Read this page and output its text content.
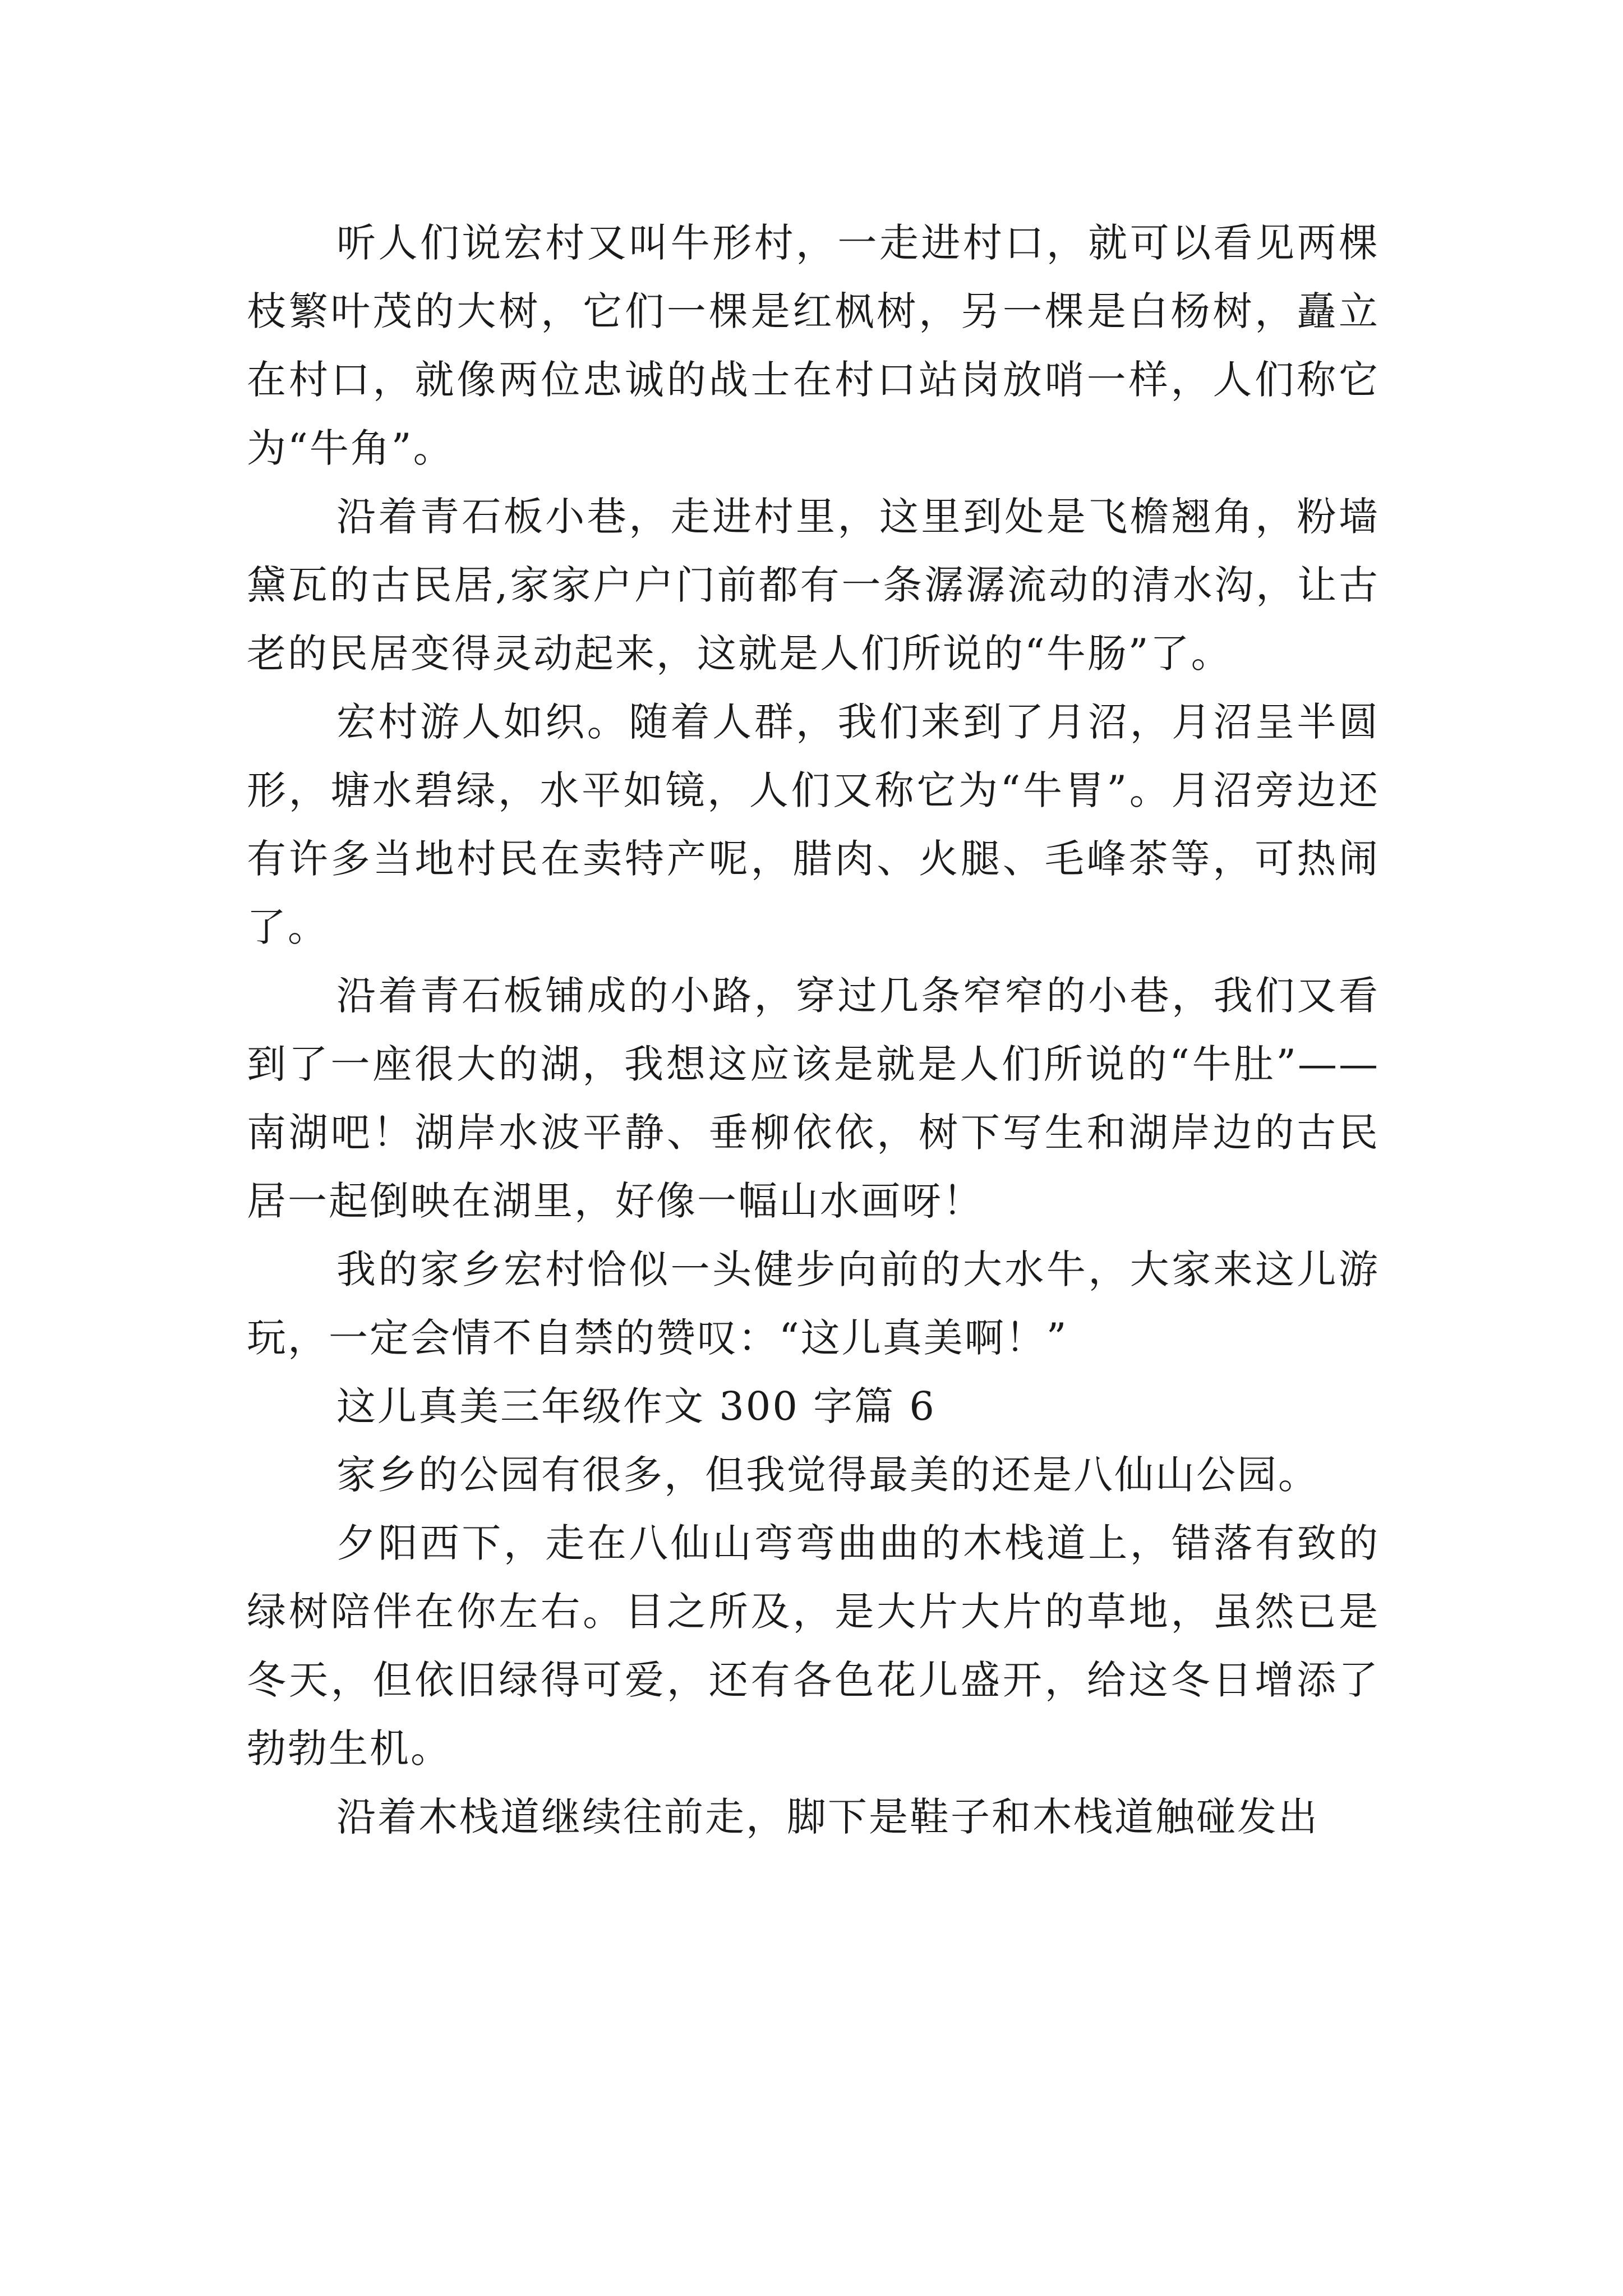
听人们说宏村又叫牛形村，一走进村口，就可以看见两棵枝繁叶茂的大树，它们一棵是红枫树，另一棵是白杨树，矗立在村口，就像两位忠诚的战士在村口站岗放哨一样，人们称它为“牛角”。

沿着青石板小巷，走进村里，这里到处是飞檐翘角，粉墙黛瓦的古民居,家家户户门前都有一条潺潺流动的清水沟，让古老的民居变得灵动起来，这就是人们所说的“牛肠”了。

宏村游人如织。随着人群，我们来到了月沼，月沼呈半圆形，塘水碧绿，水平如镜，人们又称它为“牛胃”。月沼旁边还有许多当地村民在卖特产呢，腊肉、火腿、毛峰茶等，可热闹了。

沿着青石板铺成的小路，穿过几条窄窄的小巷，我们又看到了一座很大的湖，我想这应该是就是人们所说的“牛肚”——南湖吧！湖岸水波平静、垂柳依依，树下写生和湖岸边的古民居一起倒映在湖里，好像一幅山水画呀！

我的家乡宏村恰似一头健步向前的大水牛，大家来这儿游玩，一定会情不自禁的赞叹：“这儿真美啊！”

这儿真美三年级作文 300 字篇 6

家乡的公园有很多，但我觉得最美的还是八仙山公园。

夕阳西下，走在八仙山弯弯曲曲的木栈道上，错落有致的绿树陪伴在你左右。目之所及，是大片大片的草地，虽然已是冬天，但依旧绿得可爱，还有各色花儿盛开，给这冬日增添了勃勃生机。

沿着木栈道继续往前走，脚下是鞋子和木栈道触碰发出
